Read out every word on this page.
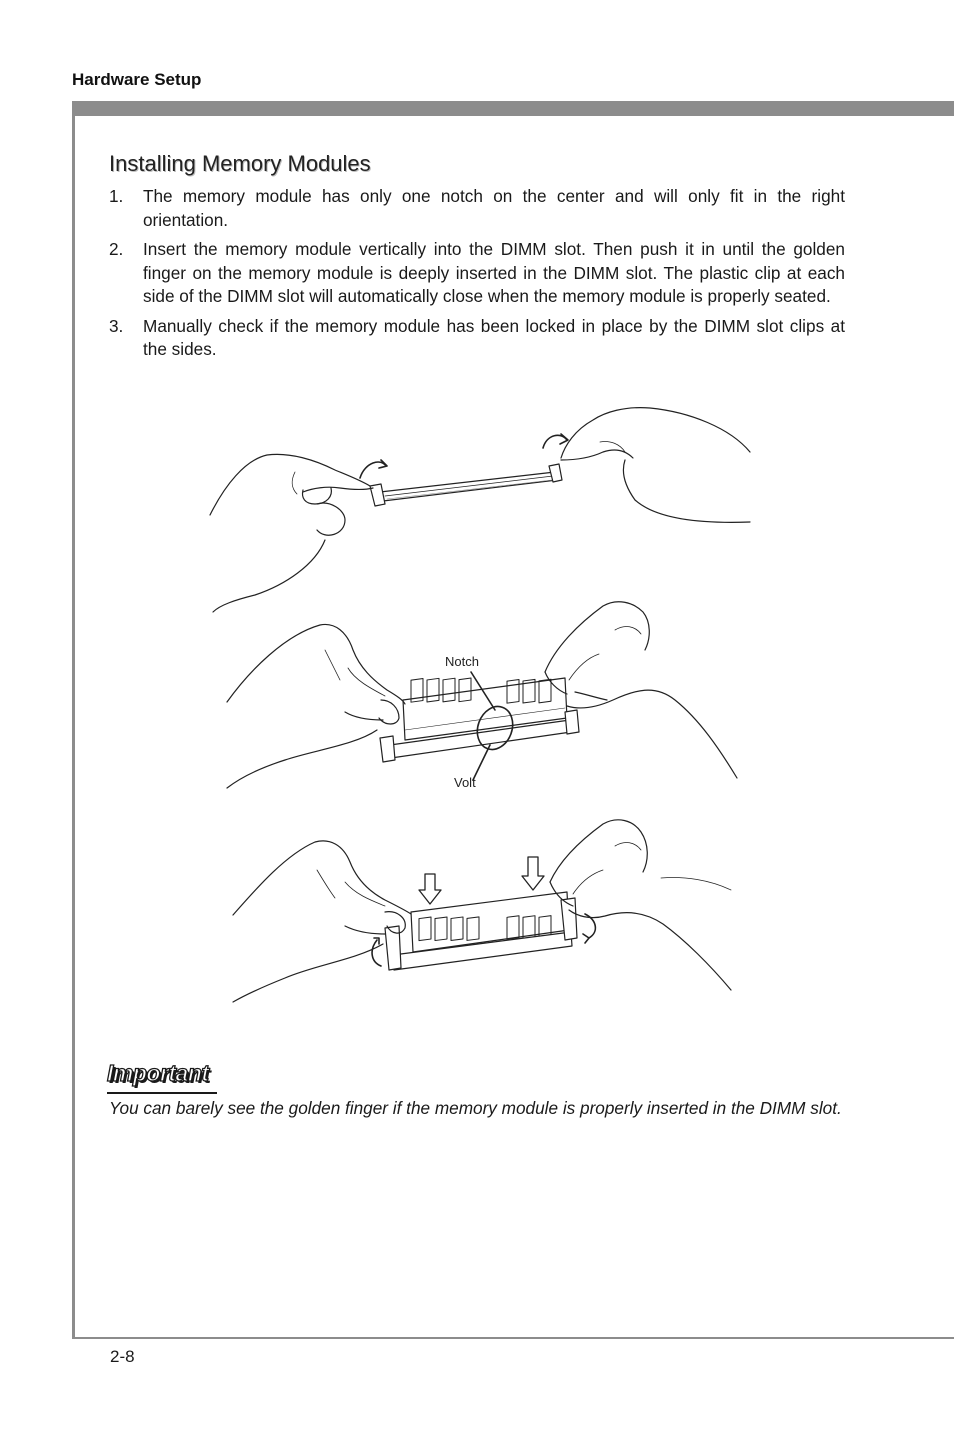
Hardware Setup
Installing Memory Modules
1. The memory module has only one notch on the center and will only fit in the right orientation.
2. Insert the memory module vertically into the DIMM slot. Then push it in until the golden finger on the memory module is deeply inserted in the DIMM slot. The plastic clip at each side of the DIMM slot will automatically close when the memory module is properly seated.
3. Manually check if the memory module has been locked in place by the DIMM slot clips at the sides.
Notch
Volt
Important

You can barely see the golden finger if the memory module is properly inserted in the DIMM slot.

2-8
